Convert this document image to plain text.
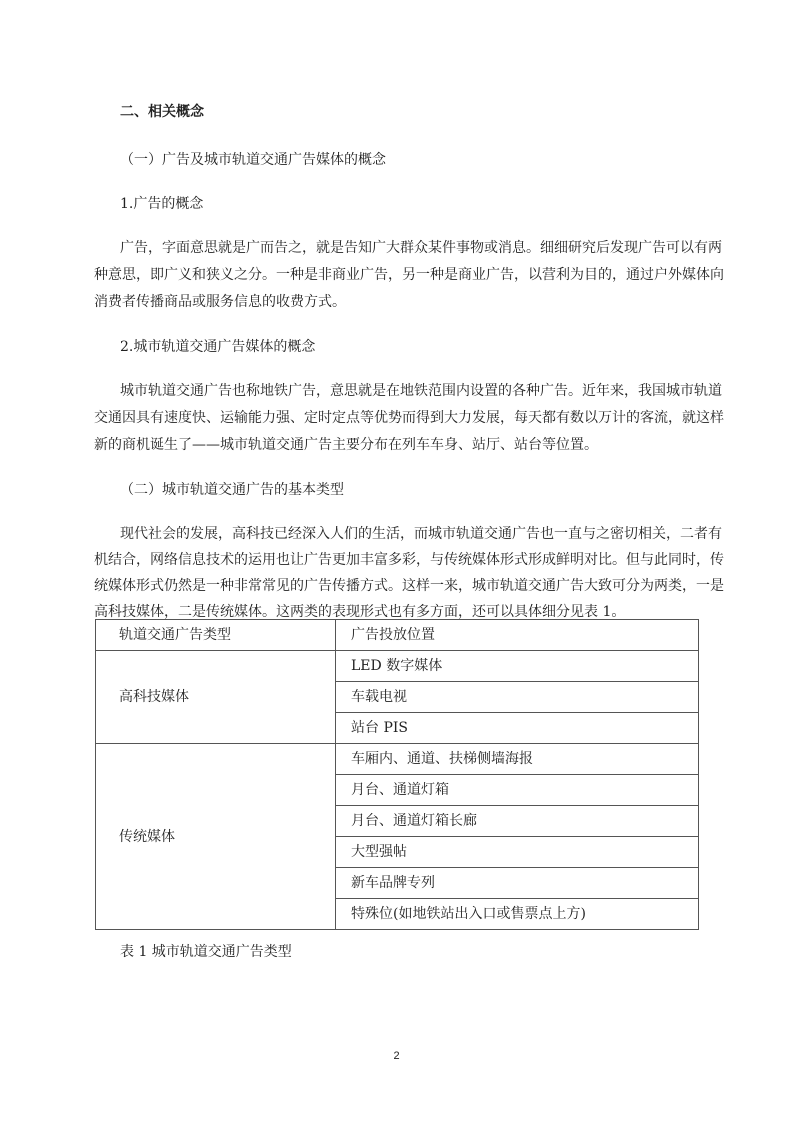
二、相关概念
（一）广告及城市轨道交通广告媒体的概念
1.广告的概念
广告，字面意思就是广而告之，就是告知广大群众某件事物或消息。细细研究后发现广告可以有两
种意思，即广义和狭义之分。一种是非商业广告，另一种是商业广告，以营利为目的，通过户外媒体向
消费者传播商品或服务信息的收费方式。
2.城市轨道交通广告媒体的概念
城市轨道交通广告也称地铁广告，意思就是在地铁范围内设置的各种广告。近年来，我国城市轨道
交通因具有速度快、运输能力强、定时定点等优势而得到大力发展，每天都有数以万计的客流，就这样
新的商机诞生了——城市轨道交通广告主要分布在列车车身、站厅、站台等位置。
（二）城市轨道交通广告的基本类型
现代社会的发展，高科技已经深入人们的生活，而城市轨道交通广告也一直与之密切相关，二者有
机结合，网络信息技术的运用也让广告更加丰富多彩，与传统媒体形式形成鲜明对比。但与此同时，传
统媒体形式仍然是一种非常常见的广告传播方式。这样一来，城市轨道交通广告大致可分为两类，一是
高科技媒体，二是传统媒体。这两类的表现形式也有多方面，还可以具体细分见表 1。
轨道交通广告类型	广告投放位置
高科技媒体	LED 数字媒体
	车载电视
	站台 PIS
传统媒体	车厢内、通道、扶梯侧墙海报
	月台、通道灯箱
	月台、通道灯箱长廊
	大型强帖
	新车品牌专列
	特殊位(如地铁站出入口或售票点上方)
表 1 城市轨道交通广告类型
2
